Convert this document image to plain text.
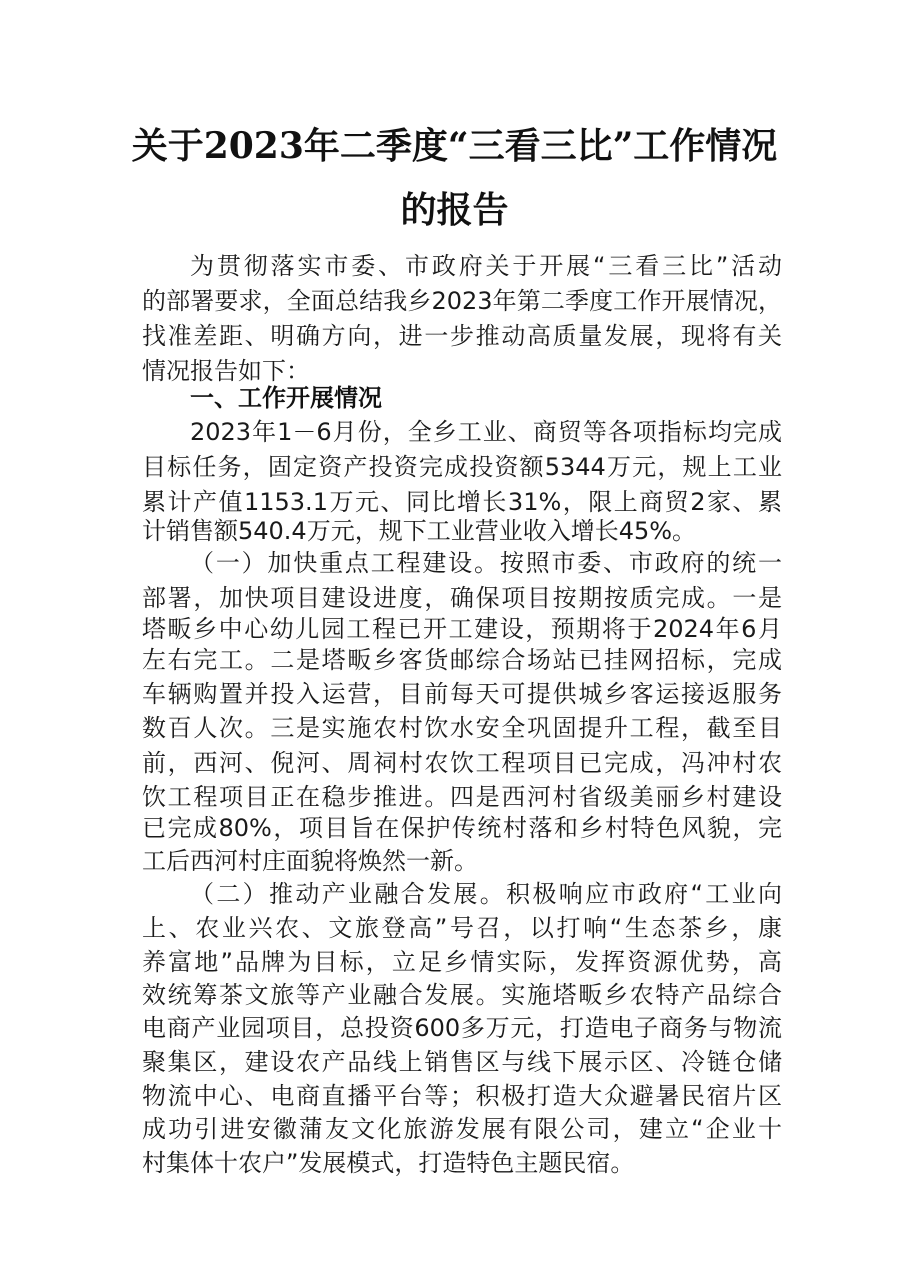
关于2023年二季度“三看三比”工作情况
的报告
为贯彻落实市委、市政府关于开展“三看三比”活动
的部署要求，全面总结我乡2023年第二季度工作开展情况，
找准差距、明确方向，进一步推动高质量发展，现将有关
情况报告如下：
一、工作开展情况
2023年1－6月份，全乡工业、商贸等各项指标均完成
目标任务，固定资产投资完成投资额5344万元，规上工业
累计产值1153.1万元、同比增长31%，限上商贸2家、累
计销售额540.4万元，规下工业营业收入增长45%。
（一）加快重点工程建设。按照市委、市政府的统一
部署，加快项目建设进度，确保项目按期按质完成。一是
塔畈乡中心幼儿园工程已开工建设，预期将于2024年6月
左右完工。二是塔畈乡客货邮综合场站已挂网招标，完成
车辆购置并投入运营，目前每天可提供城乡客运接返服务
数百人次。三是实施农村饮水安全巩固提升工程，截至目
前，西河、倪河、周祠村农饮工程项目已完成，冯冲村农
饮工程项目正在稳步推进。四是西河村省级美丽乡村建设
已完成80%，项目旨在保护传统村落和乡村特色风貌，完
工后西河村庄面貌将焕然一新。
（二）推动产业融合发展。积极响应市政府“工业向
上、农业兴农、文旅登高”号召，以打响“生态茶乡，康
养富地”品牌为目标，立足乡情实际，发挥资源优势，高
效统筹茶文旅等产业融合发展。实施塔畈乡农特产品综合
电商产业园项目，总投资600多万元，打造电子商务与物流
聚集区，建设农产品线上销售区与线下展示区、冷链仓储
物流中心、电商直播平台等；积极打造大众避暑民宿片区
成功引进安徽蒲友文化旅游发展有限公司，建立“企业十
村集体十农户”发展模式，打造特色主题民宿。
